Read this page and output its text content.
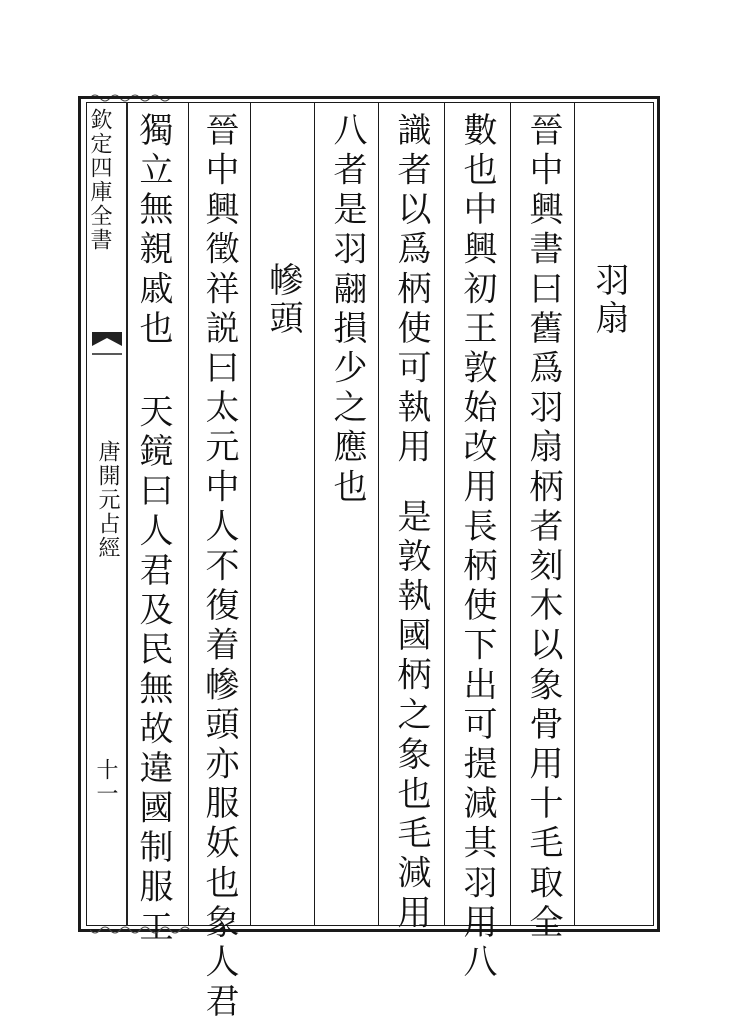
欽定四庫全書
唐開元占經
十一
羽扇
晉中興書曰舊爲羽扇柄者刻木以象骨用十毛取全
數也中興初王敦始改用長柄使下出可提減其羽用八
識者以爲柄使可執用是敦執國柄之象也毛減用
八者是羽翮損少之應也
幓頭
晉中興徵祥説曰太元中人不復着幓頭亦服妖也象人君
獨立無親戚也天鏡曰人君及民無故違國制服工
